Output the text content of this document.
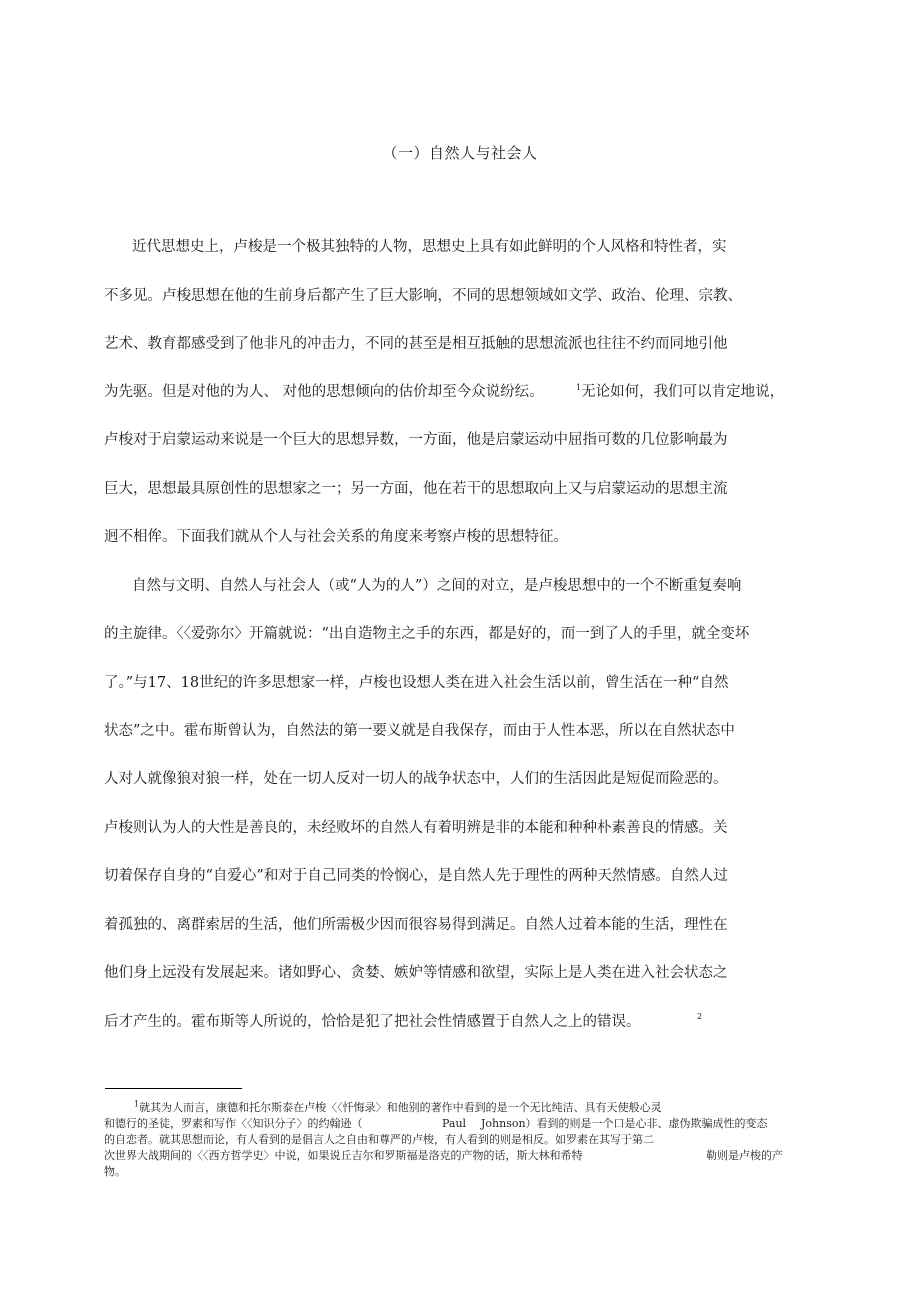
（一）自然人与社会人
近代思想史上，卢梭是一个极其独特的人物，思想史上具有如此鲜明的个人风格和特性者，实
不多见。卢梭思想在他的生前身后都产生了巨大影响，不同的思想领域如文学、政治、伦理、宗教、
艺术、教育都感受到了他非凡的冲击力，不同的甚至是相互抵触的思想流派也往往不约而同地引他
为先驱。但是对他的为人、 对他的思想倾向的估价却至今众说纷纭。	$^1$无论如何，我们可以肯定地说，
卢梭对于启蒙运动来说是一个巨大的思想异数，一方面，他是启蒙运动中屈指可数的几位影响最为
巨大，思想最具原创性的思想家之一；另一方面，他在若干的思想取向上又与启蒙运动的思想主流
迥不相侔。下面我们就从个人与社会关系的角度来考察卢梭的思想特征。
自然与文明、自然人与社会人（或“人为的人”）之间的对立，是卢梭思想中的一个不断重复奏响
的主旋律。〈〈爱弥尔〉开篇就说：“出自造物主之手的东西，都是好的，而一到了人的手里，就全变坏
了。”与17、18世纪的许多思想家一样，卢梭也设想人类在进入社会生活以前，曾生活在一种“自然
状态”之中。霍布斯曾认为，自然法的第一要义就是自我保存，而由于人性本恶，所以在自然状态中
人对人就像狼对狼一样，处在一切人反对一切人的战争状态中，人们的生活因此是短促而险恶的。
卢梭则认为人的大性是善良的，未经败坏的自然人有着明辨是非的本能和种种朴素善良的情感。关
切着保存自身的“自爱心”和对于自己同类的怜悯心，是自然人先于理性的两种天然情感。自然人过
着孤独的、离群索居的生活，他们所需极少因而很容易得到满足。自然人过着本能的生活，理性在
他们身上远没有发展起来。诸如野心、贪婪、嫉妒等情感和欲望，实际上是人类在进入社会状态之
后才产生的。霍布斯等人所说的，恰恰是犯了把社会性情感置于自然人之上的错误。	2
$^1$就其为人而言，康德和托尔斯泰在卢梭〈〈忏悔录〉和他别的著作中看到的是一个无比纯洁、具有天使般心灵
和德行的圣徒，罗素和写作〈〈知识分子〉的约翰逊（	Paul Johnson）看到的则是一个口是心非、虚伪欺骗成性的变态
的自恋者。就其思想而论，有人看到的是倡言人之自由和尊严的卢梭，有人看到的则是相反。如罗素在其写于第二
次世界大战期间的〈〈西方哲学史〉中说，如果说丘吉尔和罗斯福是洛克的产物的话，斯大林和希特	勒则是卢梭的产
物。
